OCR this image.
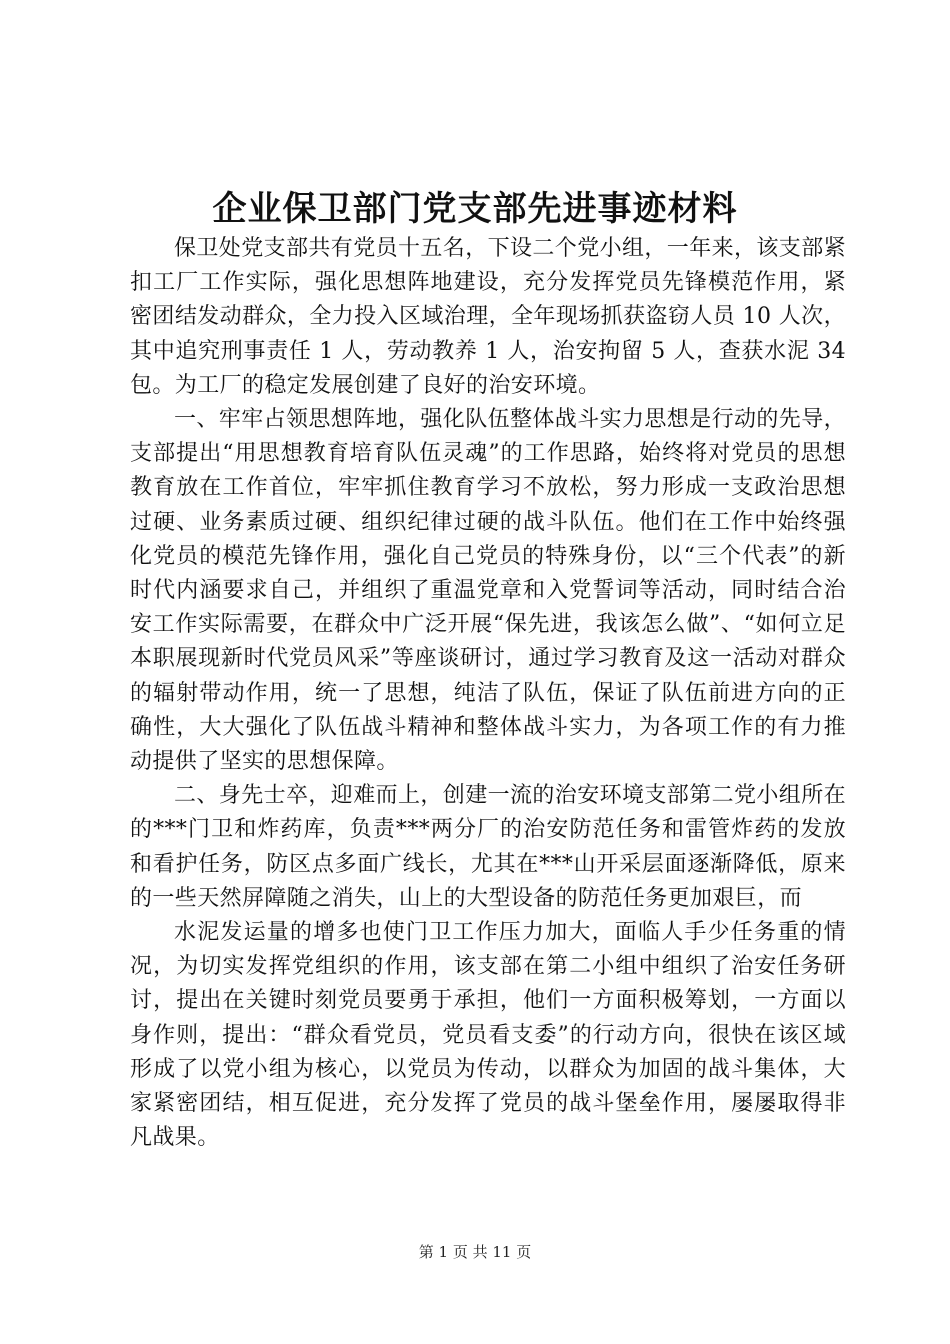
企业保卫部门党支部先进事迹材料

保卫处党支部共有党员十五名，下设二个党小组，一年来，该支部紧扣工厂工作实际，强化思想阵地建设，充分发挥党员先锋模范作用，紧密团结发动群众，全力投入区域治理，全年现场抓获盗窃人员 10 人次，其中追究刑事责任 1 人，劳动教养 1 人，治安拘留 5 人，查获水泥 34 包。为工厂的稳定发展创建了良好的治安环境。

一、牢牢占领思想阵地，强化队伍整体战斗实力思想是行动的先导，支部提出“用思想教育培育队伍灵魂”的工作思路，始终将对党员的思想教育放在工作首位，牢牢抓住教育学习不放松，努力形成一支政治思想过硬、业务素质过硬、组织纪律过硬的战斗队伍。他们在工作中始终强化党员的模范先锋作用，强化自己党员的特殊身份，以“三个代表”的新时代内涵要求自己，并组织了重温党章和入党誓词等活动，同时结合治安工作实际需要，在群众中广泛开展“保先进，我该怎么做”、“如何立足本职展现新时代党员风采”等座谈研讨，通过学习教育及这一活动对群众的辐射带动作用，统一了思想，纯洁了队伍，保证了队伍前进方向的正确性，大大强化了队伍战斗精神和整体战斗实力，为各项工作的有力推动提供了坚实的思想保障。

二、身先士卒，迎难而上，创建一流的治安环境支部第二党小组所在的***门卫和炸药库，负责***两分厂的治安防范任务和雷管炸药的发放和看护任务，防区点多面广线长，尤其在***山开采层面逐渐降低，原来的一些天然屏障随之消失，山上的大型设备的防范任务更加艰巨，而

水泥发运量的增多也使门卫工作压力加大，面临人手少任务重的情况，为切实发挥党组织的作用，该支部在第二小组中组织了治安任务研讨，提出在关键时刻党员要勇于承担，他们一方面积极筹划，一方面以身作则，提出：“群众看党员，党员看支委”的行动方向，很快在该区域形成了以党小组为核心，以党员为传动，以群众为加固的战斗集体，大家紧密团结，相互促进，充分发挥了党员的战斗堡垒作用，屡屡取得非凡战果。

第 1 页 共 11 页
